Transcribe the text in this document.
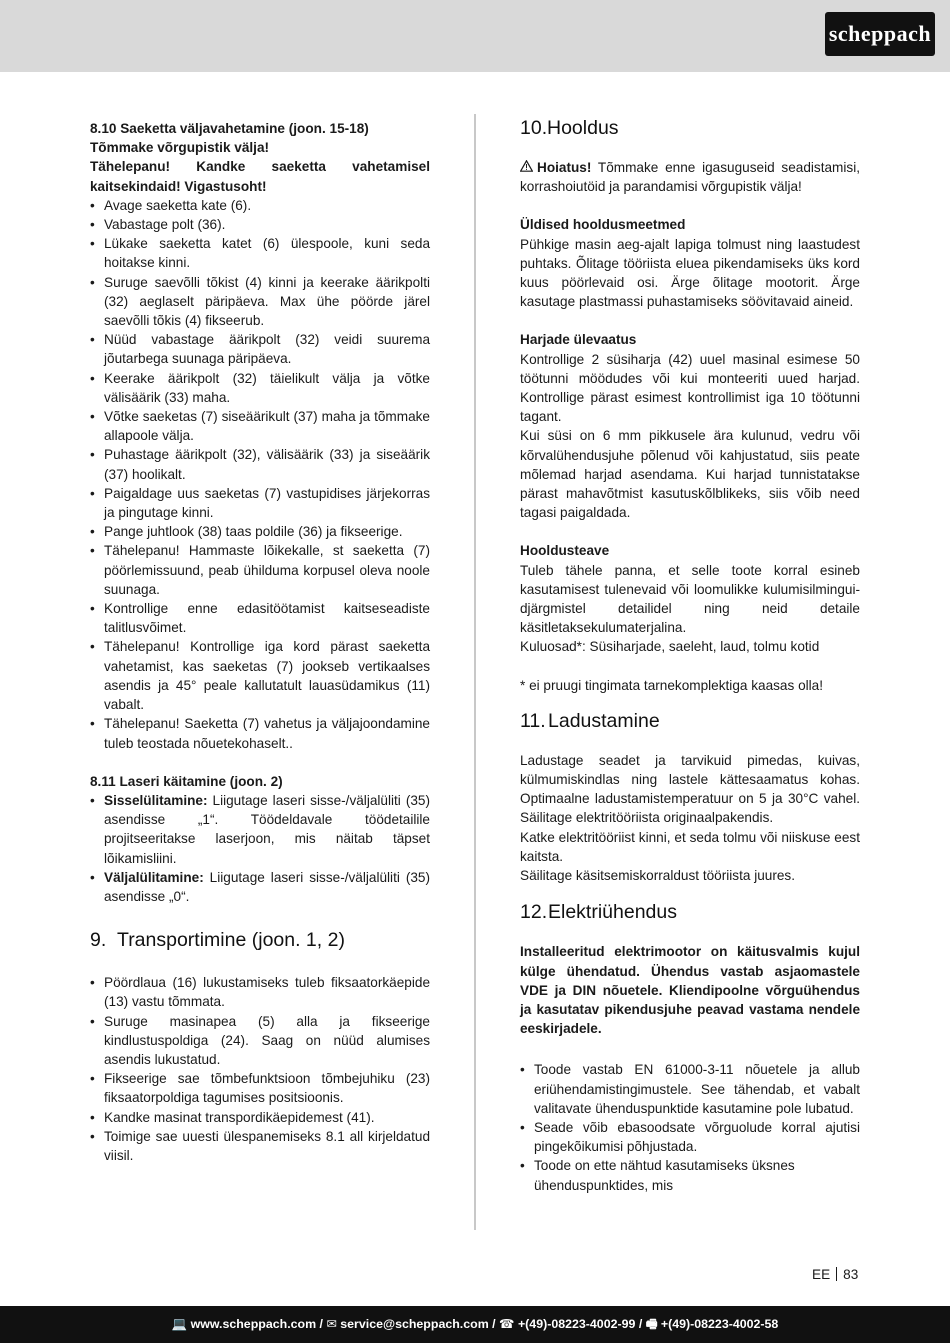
scheppach

8.10 Saeketta väljavahetamine (joon. 15-18)

Tõmmake võrgupistik välja!

Tähelepanu! Kandke saeketta vahetamisel kaitsekindaid! Vigastusoht!

• Avage saeketta kate (6).
• Vabastage polt (36).
• Lükake saeketta katet (6) ülespoole, kuni seda hoitakse kinni.
• Suruge saevõlli tõkist (4) kinni ja keerake äärikpolti (32) aeglaselt päripäeva. Max ühe pöörde järel saevõlli tõkis (4) fikseerub.
• Nüüd vabastage äärikpolt (32) veidi suurema jõutarbega suunaga päripäeva.
• Keerake äärikpolt (32) täielikult välja ja võtke välisäärik (33) maha.
• Võtke saeketas (7) siseäärikult (37) maha ja tõmmake allapoole välja.
• Puhastage äärikpolt (32), välisäärik (33) ja siseäärik (37) hoolikalt.
• Paigaldage uus saeketas (7) vastupidises järjekorras ja pingutage kinni.
• Pange juhtlook (38) taas poldile (36) ja fikseerige.
• Tähelepanu! Hammaste lõikekalle, st saeketta (7) pöörlemissuund, peab ühilduma korpusel oleva noole suunaga.
• Kontrollige enne edasitöötamist kaitseseadiste talitlusvõimet.
• Tähelepanu! Kontrollige iga kord pärast saeketta vahetamist, kas saeketas (7) jookseb vertikaalses asendis ja 45° peale kallutatult lauasüdamikus (11) vabalt.
• Tähelepanu! Saeketta (7) vahetus ja väljajoondamine tuleb teostada nõuetekohaselt..

8.11 Laseri käitamine (joon. 2)

• Sisselülitamine: Liigutage laseri sisse-/väljalüliti (35) asendisse „1“. Töödeldavale töödetailile projitseeritakse laserjoon, mis näitab täpset lõikamisliini.
• Väljalülitamine: Liigutage laseri sisse-/väljalüliti (35) asendisse „0“.
9. Transportimine (joon. 1, 2)
• Pöördlaua (16) lukustamiseks tuleb fiksaatorkäepide (13) vastu tõmmata.
• Suruge masinapea (5) alla ja fikseerige kindlustuspoldiga (24). Saag on nüüd alumises asendis lukustatud.
• Fikseerige sae tõmbefunktsioon tõmbejuhiku (23) fiksaatorpoldiga tagumises positsioonis.
• Kandke masinat transpordikäepidemest (41).
• Toimige sae uuesti ülespanemiseks 8.1 all kirjeldatud viisil.
10.Hooldus

Hoiatus! Tõmmake enne igasuguseid seadistamisi, korrashoiutöid ja parandamisi võrgupistik välja!

Üldised hooldusmeetmed

Pühkige masin aeg-ajalt lapiga tolmust ning laastudest puhtaks. Õlitage tööriista eluea pikendamiseks üks kord kuus pöörlevaid osi. Ärge õlitage mootorit. Ärge kasutage plastmassi puhastamiseks söövitavaid aineid.

Harjade ülevaatus

Kontrollige 2 süsiharja (42) uuel masinal esimese 50 töötunni möödudes või kui monteeriti uued harjad. Kontrollige pärast esimest kontrollimist iga 10 töötunni tagant.

Kui süsi on 6 mm pikkusele ära kulunud, vedru või kõrvalühendusjuhe põlenud või kahjustatud, siis peate mõlemad harjad asendama. Kui harjad tunnistatakse pärast mahavõtmist kasutuskõlblikeks, siis võib need tagasi paigaldada.

Hooldusteave

Tuleb tähele panna, et selle toote korral esineb kasutamisest tulenevaid või loomulikke kulumisilminguidjärgmistel detailidel ning neid detaile käsitletaksekulumaterjalina.

Kuluosad*: Süsiharjade, saeleht, laud, tolmu kotid

* ei pruugi tingimata tarnekomplektiga kaasas olla!

11. Ladustamine

Ladustage seadet ja tarvikuid pimedas, kuivas, külmumiskindlas ning lastele kättesaamatus kohas. Optimaalne ladustamistemperatuur on 5 ja 30°C vahel. Säilitage elektritööriista originaalpakendis.

Katke elektritööriist kinni, et seda tolmu või niiskuse eest kaitsta.

Säilitage käsitsemiskorraldust tööriista juures.

12.Elektriühendus

Installeeritud elektrimootor on käitusvalmis kujul külge ühendatud. Ühendus vastab asjaomastele VDE ja DIN nõuetele. Kliendipoolne võrguühendus ja kasutatav pikendusjuhe peavad vastama nendele eeskirjadele.

• Toode vastab EN 61000-3-11 nõuetele ja allub eriühendamistingimustele. See tähendab, et vabalt valitavate ühenduspunktide kasutamine pole lubatud.
• Seade võib ebasoodsate võrguolude korral ajutisi pingekõikumisi põhjustada.
• Toode on ette nähtud kasutamiseks üksnes ühenduspunktides, mis
EE 83
💻 www.scheppach.com / ✉ service@scheppach.com / ☎ +(49)-08223-4002-99 / 🖷 +(49)-08223-4002-58
